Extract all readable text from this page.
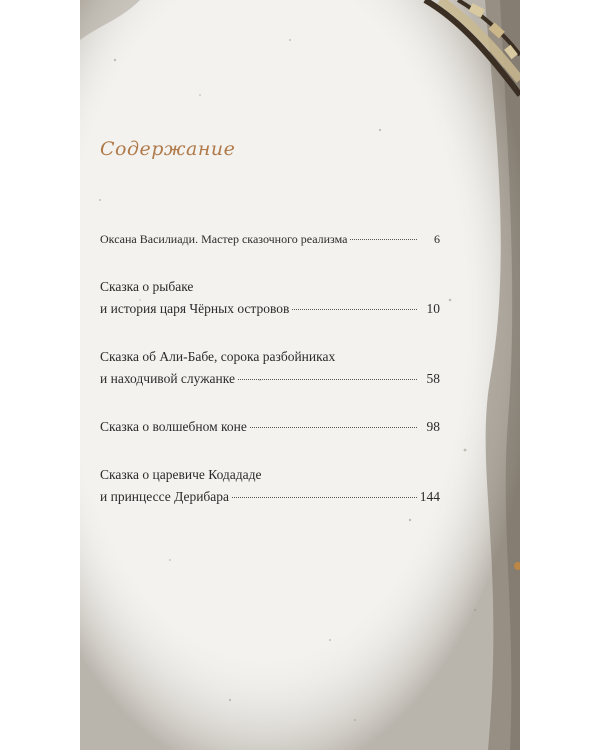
Содержание
Оксана Василиади. Мастер сказочного реализма	6
Сказка о рыбаке
и история царя Чёрных островов	10
Сказка об Али-Бабе, сорока разбойниках
и находчивой служанке	58
Сказка о волшебном коне	98
Сказка о царевиче Кодададе
и принцессе Дерибара	144
